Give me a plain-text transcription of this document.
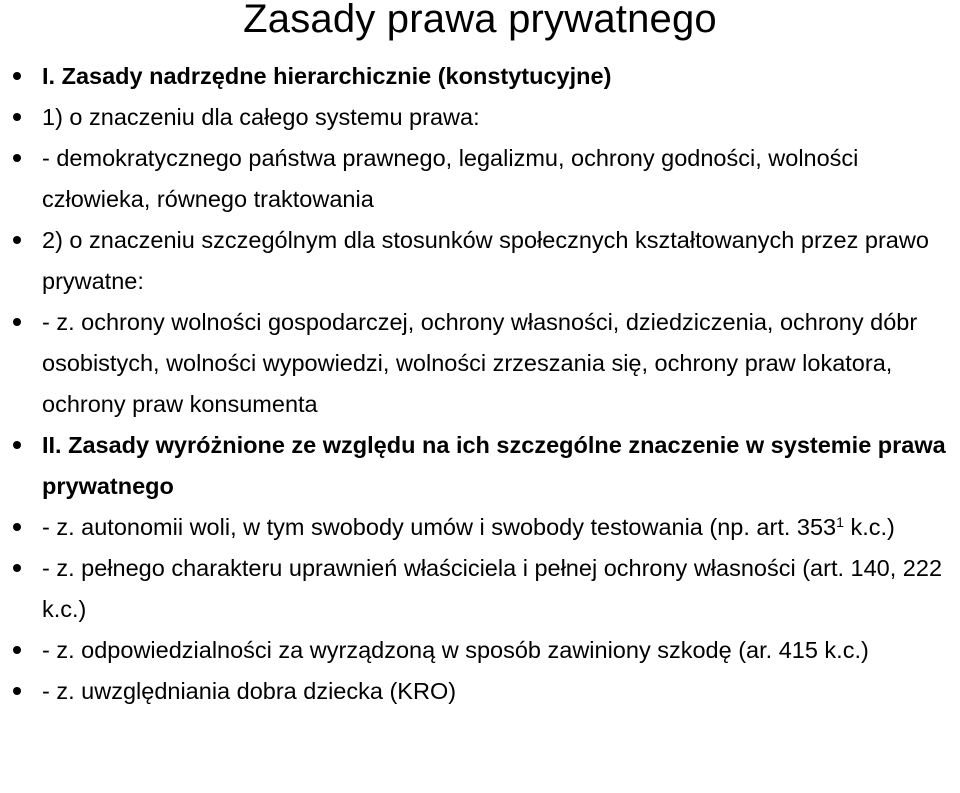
Zasady prawa prywatnego
I. Zasady nadrzędne hierarchicznie (konstytucyjne)
1) o znaczeniu dla całego systemu prawa:
- demokratycznego państwa prawnego, legalizmu, ochrony godności, wolności człowieka, równego traktowania
2) o znaczeniu szczególnym dla stosunków społecznych kształtowanych przez prawo prywatne:
- z. ochrony wolności gospodarczej, ochrony własności, dziedziczenia, ochrony dóbr osobistych, wolności wypowiedzi, wolności zrzeszania się, ochrony praw lokatora, ochrony praw konsumenta
II. Zasady wyróżnione ze względu na ich szczególne znaczenie w systemie prawa prywatnego
- z. autonomii woli, w tym swobody umów i swobody testowania (np. art. $353^1$ k.c.)
- z. pełnego charakteru uprawnień właściciela i pełnej ochrony własności (art. 140, 222 k.c.)
- z. odpowiedzialności za wyrządzoną w sposób zawiniony szkodę (ar. 415 k.c.)
- z. uwzględniania dobra dziecka (KRO)
